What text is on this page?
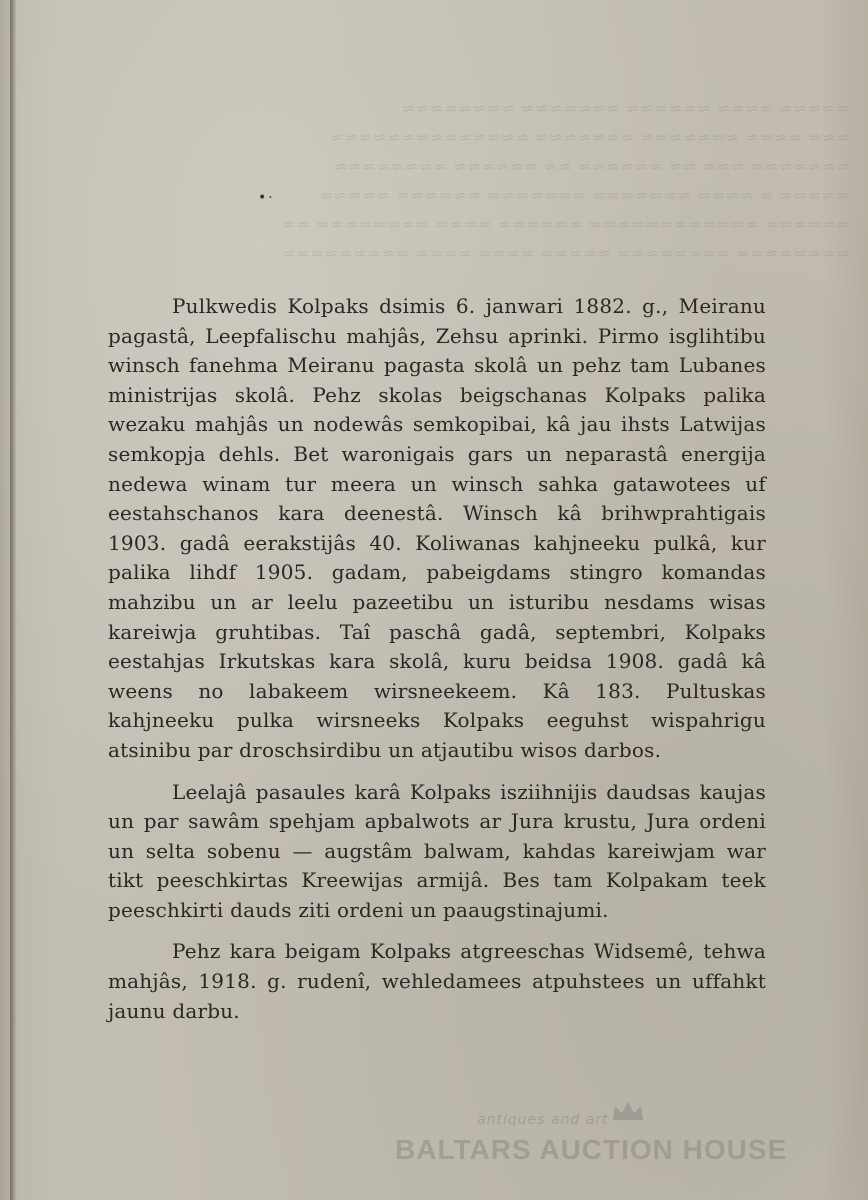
≈≈≈≈≈ ≈≈≈≈ ≈≈≈≈≈≈ ≈≈≈≈≈≈≈ ≈≈≈≈≈≈≈≈
≈≈≈ ≈≈≈≈ ≈≈≈≈≈≈≈ ≈≈≈≈≈≈≈ ≈≈≈≈≈≈≈≈≈≈≈≈≈≈
≈≈≈≈≈≈≈ ≈≈≈ ≈≈ ≈≈≈≈≈≈ ≈≈ ≈≈≈≈≈≈ ≈≈≈≈≈≈≈≈
≈≈≈≈≈ ≈ ≈≈≈≈ ≈≈≈≈≈≈≈ ≈≈≈≈≈≈≈ ≈≈≈≈≈≈ ≈≈≈≈≈
≈≈≈≈≈≈ ≈≈≈≈≈≈≈≈≈≈≈≈ ≈≈≈≈≈≈ ≈≈≈≈ ≈≈≈≈≈≈≈≈ ≈≈
≈≈≈≈≈≈≈≈ ≈≈≈≈≈≈≈≈ ≈≈≈≈≈ ≈≈≈≈ ≈≈≈≈ ≈≈≈≈≈≈≈≈≈
•·

Pulkwedis Kolpaks dsimis 6. janwari 1882. g., Meiranu pagastâ, Leepfalischu mahjâs, Zehsu aprinki. Pirmo isglihtibu winsch fanehma Meiranu pagasta skolâ un pehz tam Lubanes ministrijas skolâ. Pehz skolas beigschanas Kolpaks palika wezaku mahjâs un nodewâs semkopibai, kâ jau ihsts Latwijas semkopja dehls. Bet waronigais gars un neparastâ energija nedewa winam tur meera un winsch sahka gatawotees uf eestahschanos kara deenestâ. Winsch kâ brihwprahtigais 1903. gadâ eerakstijâs 40. Koliwanas kahjneeku pulkâ, kur palika lihdf 1905. gadam, pabeigdams stingro komandas mahzibu un ar leelu pazeetibu un isturibu nesdams wisas kareiwja gruhtibas. Taî paschâ gadâ, septembri, Kolpaks eestahjas Irkutskas kara skolâ, kuru beidsa 1908. gadâ kâ weens no labakeem wirsneekeem. Kâ 183. Pultuskas kahjneeku pulka wirsneeks Kolpaks eeguhst wispahrigu atsinibu par droschsirdibu un atjautibu wisos darbos.

Leelajâ pasaules karâ Kolpaks isziihnijis daudsas kaujas un par sawâm spehjam apbalwots ar Jura krustu, Jura ordeni un selta sobenu — augstâm balwam, kahdas kareiwjam war tikt peeschkirtas Kreewijas armijâ. Bes tam Kolpakam teek peeschkirti dauds ziti ordeni un paaugstinajumi.

Pehz kara beigam Kolpaks atgreeschas Widsemê, tehwa mahjâs, 1918. g. rudenî, wehledamees atpuhstees un uffahkt jaunu darbu.

antiques and art
BALTARS AUCTION HOUSE
